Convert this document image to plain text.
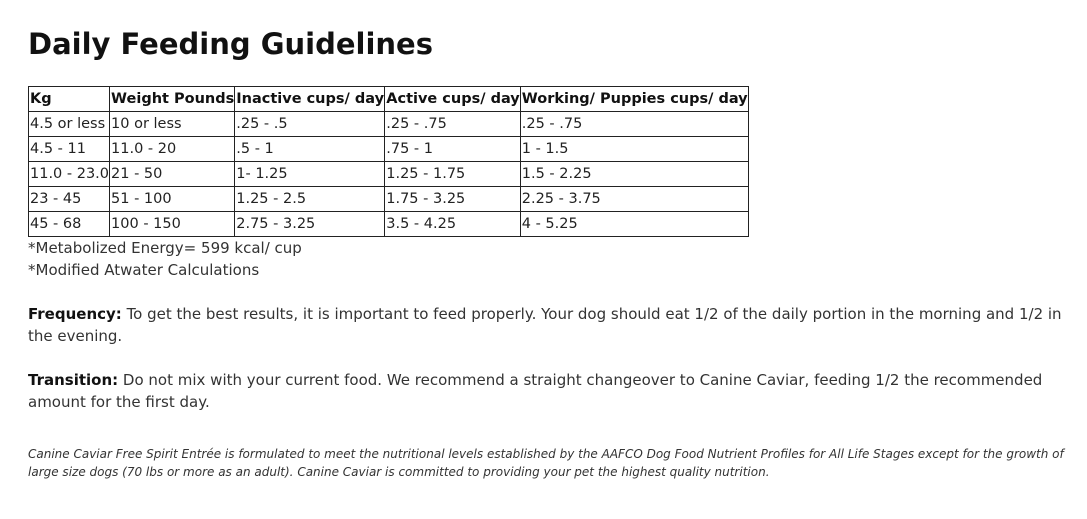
Daily Feeding Guidelines
Kg	Weight Pounds	Inactive cups/ day	Active cups/ day	Working/ Puppies cups/ day
4.5 or less	10 or less	.25 - .5	.25 - .75	.25 - .75
4.5 - 11	11.0 - 20	.5 - 1	.75 - 1	1 - 1.5
11.0 - 23.0	21 - 50	1- 1.25	1.25 - 1.75	1.5 - 2.25
23 - 45	51 - 100	1.25 - 2.5	1.75 - 3.25	2.25 - 3.75
45 - 68	100 - 150	2.75 - 3.25	3.5 - 4.25	4 - 5.25
*Metabolized Energy= 599 kcal/ cup
*Modified Atwater Calculations
Frequency: To get the best results, it is important to feed properly. Your dog should eat 1/2 of the daily portion in the morning and 1/2 in the evening.
Transition: Do not mix with your current food. We recommend a straight changeover to Canine Caviar, feeding 1/2 the recommended amount for the first day.
Canine Caviar Free Spirit Entrée is formulated to meet the nutritional levels established by the AAFCO Dog Food Nutrient Profiles for All Life Stages except for the growth of large size dogs (70 lbs or more as an adult). Canine Caviar is committed to providing your pet the highest quality nutrition.
